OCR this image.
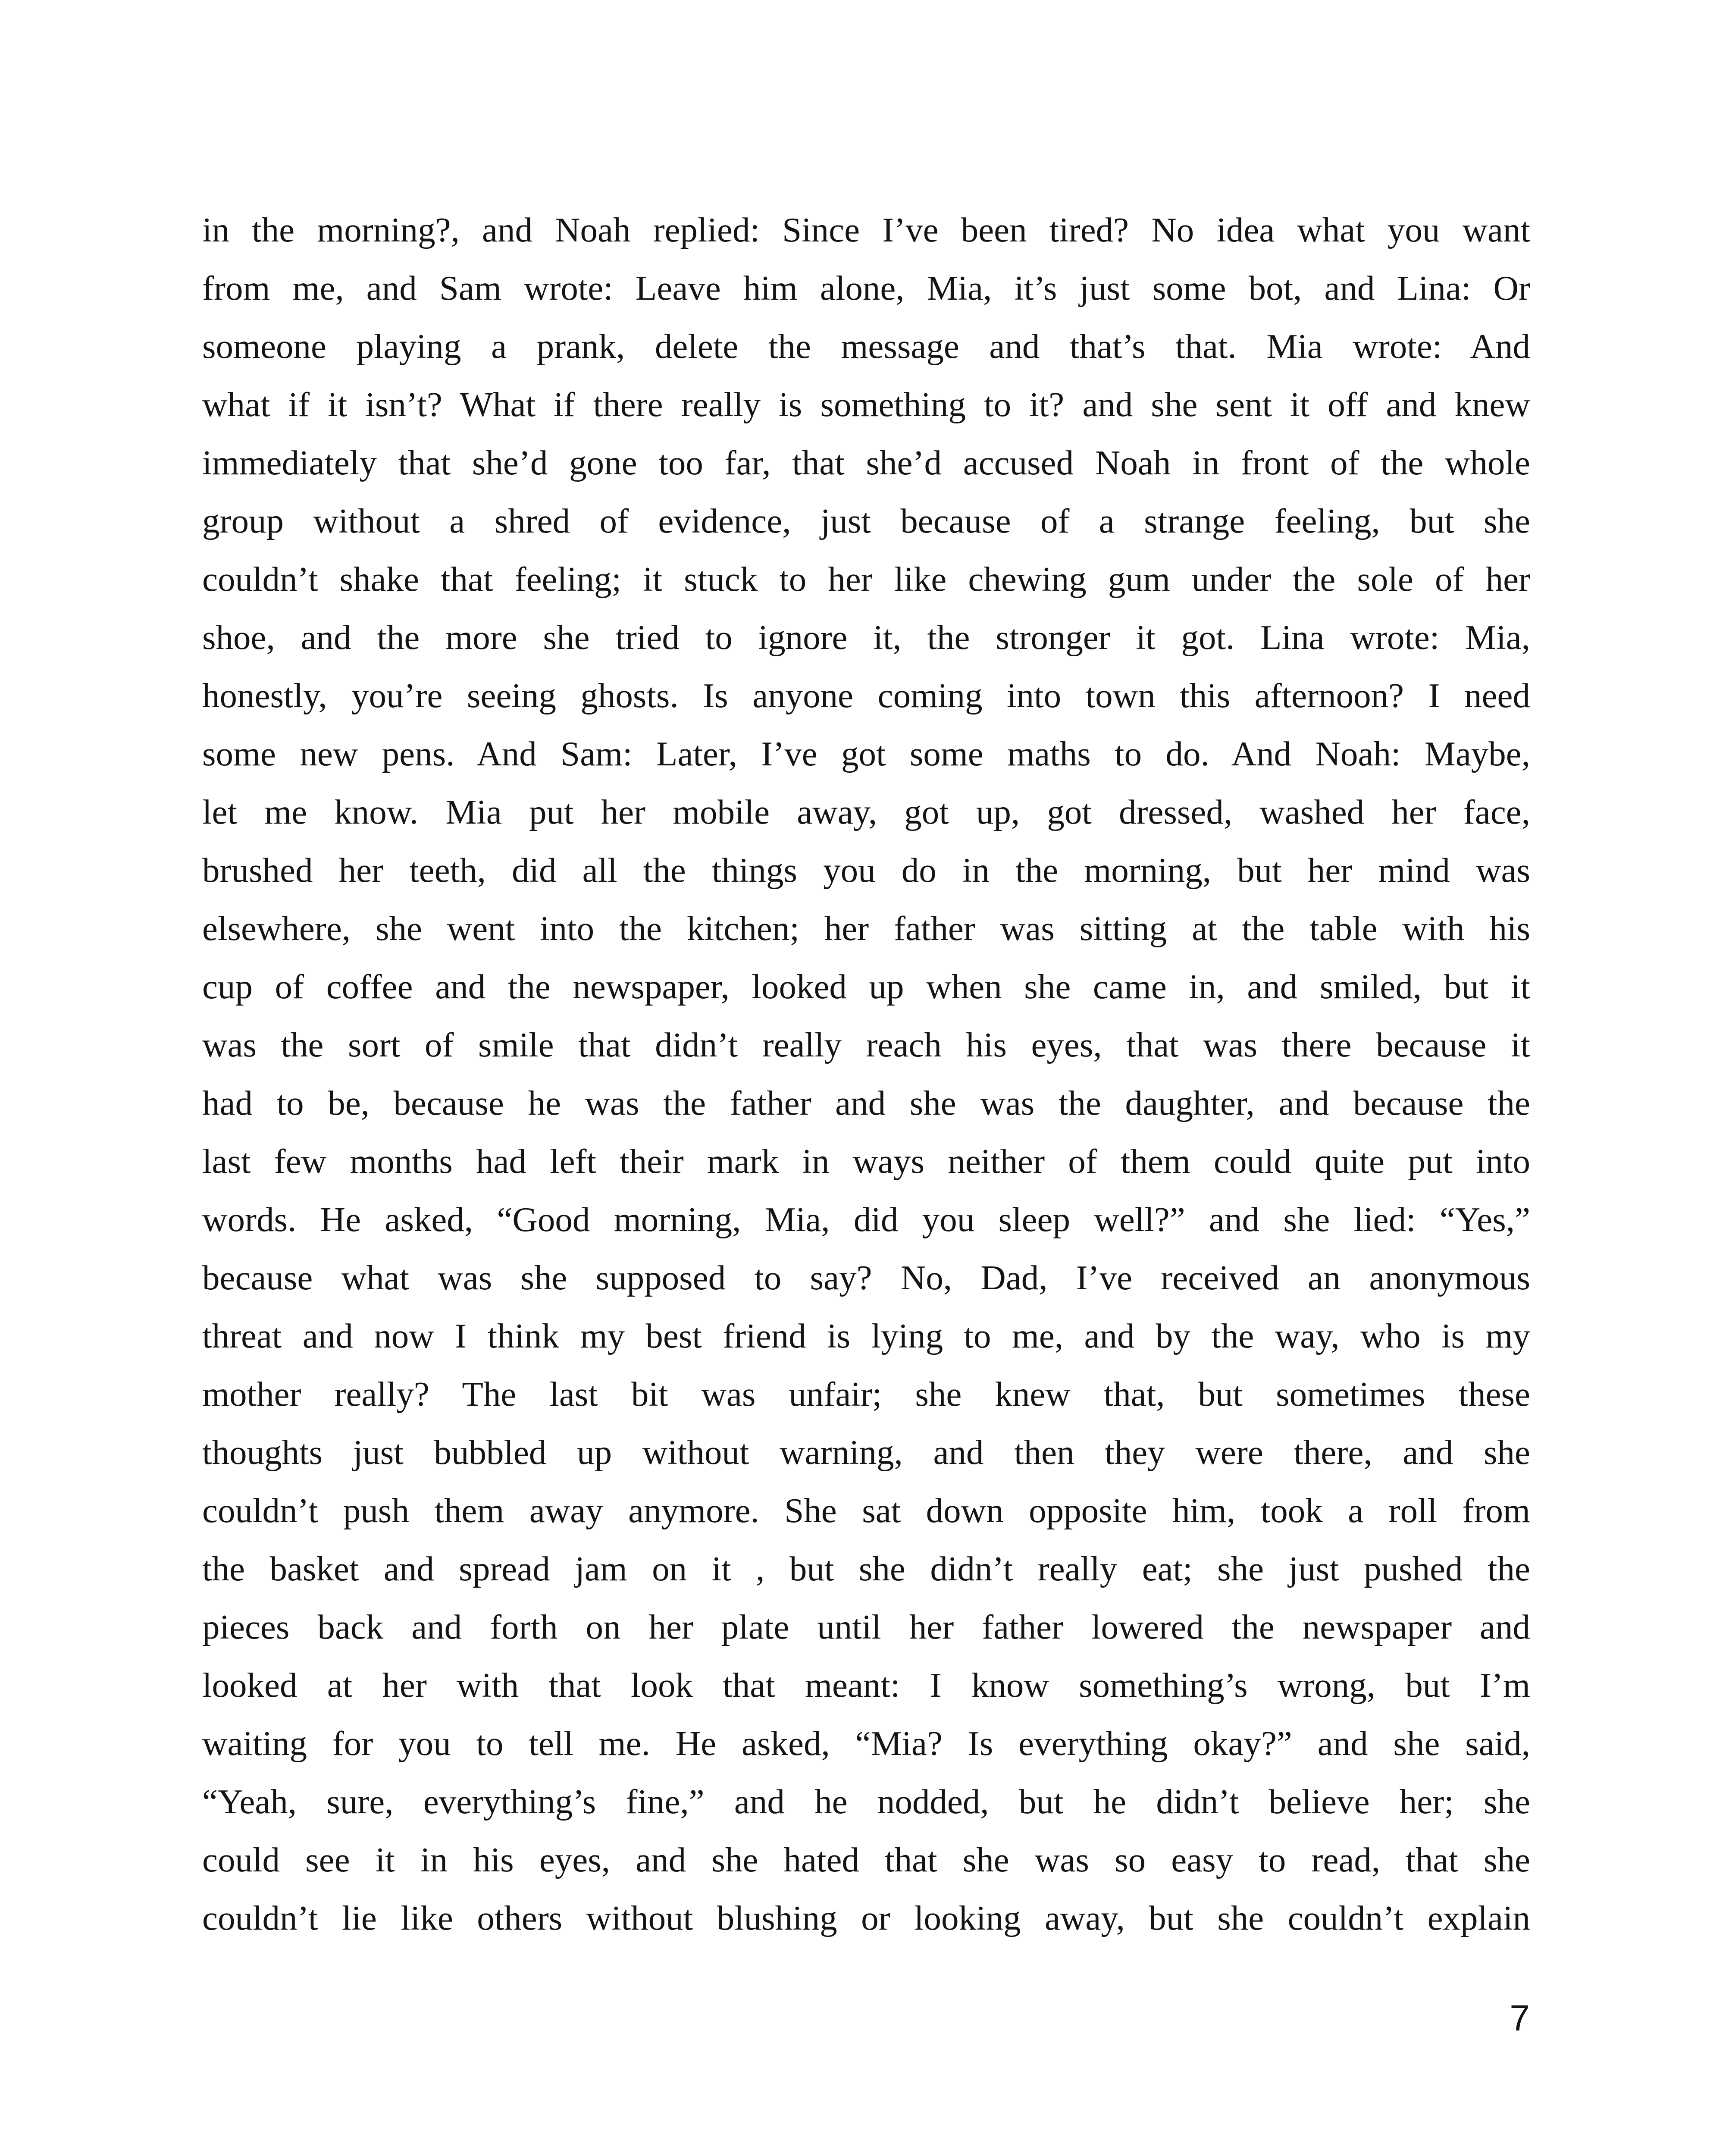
in the morning?, and Noah replied: Since I’ve been tired? No idea what you want
from me, and Sam wrote: Leave him alone, Mia, it’s just some bot, and Lina: Or
someone playing a prank, delete the message and that’s that. Mia wrote: And
what if it isn’t? What if there really is something to it? and she sent it off and knew
immediately that she’d gone too far, that she’d accused Noah in front of the whole
group without a shred of evidence, just because of a strange feeling, but she
couldn’t shake that feeling; it stuck to her like chewing gum under the sole of her
shoe, and the more she tried to ignore it, the stronger it got. Lina wrote: Mia,
honestly, you’re seeing ghosts. Is anyone coming into town this afternoon? I need
some new pens. And Sam: Later, I’ve got some maths to do. And Noah: Maybe,
let me know. Mia put her mobile away, got up, got dressed, washed her face,
brushed her teeth, did all the things you do in the morning, but her mind was
elsewhere, she went into the kitchen; her father was sitting at the table with his
cup of coffee and the newspaper, looked up when she came in, and smiled, but it
was the sort of smile that didn’t really reach his eyes, that was there because it
had to be, because he was the father and she was the daughter, and because the
last few months had left their mark in ways neither of them could quite put into
words. He asked, “Good morning, Mia, did you sleep well?” and she lied: “Yes,”
because what was she supposed to say? No, Dad, I’ve received an anonymous
threat and now I think my best friend is lying to me, and by the way, who is my
mother really? The last bit was unfair; she knew that, but sometimes these
thoughts just bubbled up without warning, and then they were there, and she
couldn’t push them away anymore. She sat down opposite him, took a roll from
the basket and spread jam on it , but she didn’t really eat; she just pushed the
pieces back and forth on her plate until her father lowered the newspaper and
looked at her with that look that meant: I know something’s wrong, but I’m
waiting for you to tell me. He asked, “Mia? Is everything okay?” and she said,
“Yeah, sure, everything’s fine,” and he nodded, but he didn’t believe her; she
could see it in his eyes, and she hated that she was so easy to read, that she
couldn’t lie like others without blushing or looking away, but she couldn’t explain
7
